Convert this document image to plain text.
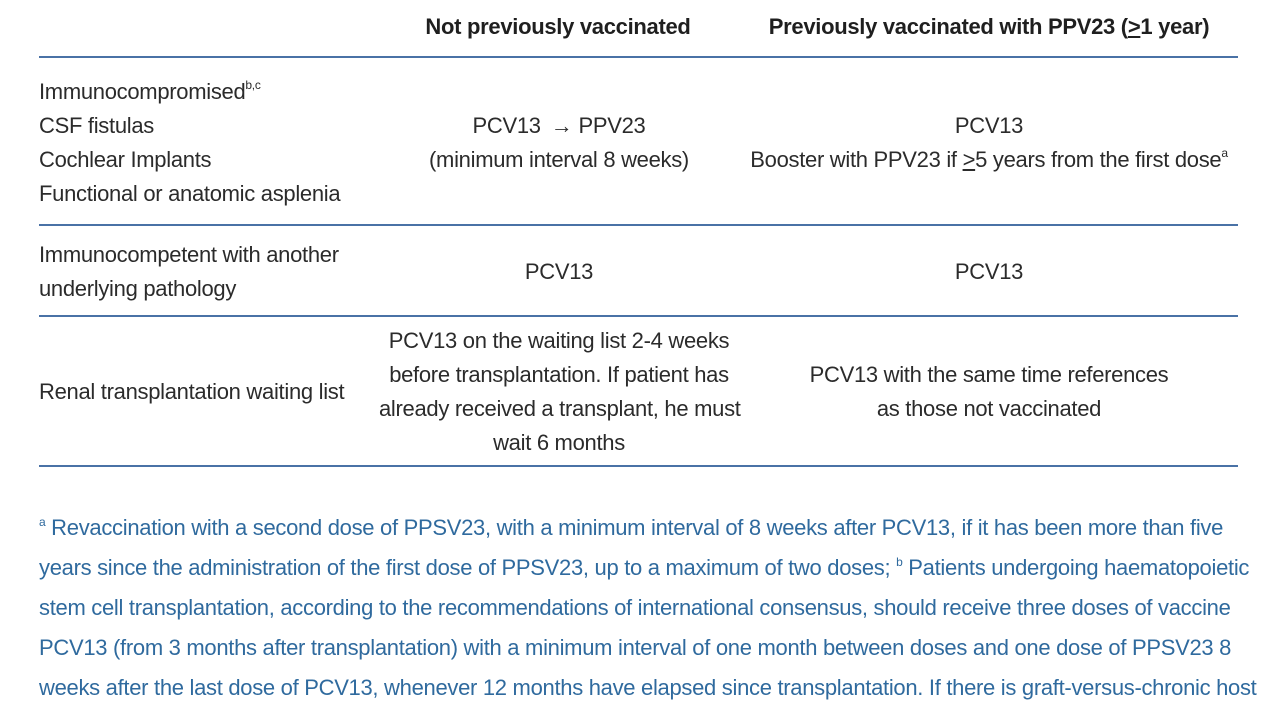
Not previously vaccinated	Previously vaccinated with PPV23 (≥1 year)
Immunocompromised$^{b,c}$
CSF fistulas
Cochlear Implants
Functional or anatomic asplenia
PCV13 → PPV23
(minimum interval 8 weeks)
PCV13
Booster with PPV23 if ≥5 years from the first dose$^a$
Immunocompetent with another
underlying pathology
PCV13	PCV13
Renal transplantation waiting list
PCV13 on the waiting list 2-4 weeks
before transplantation. If patient has
already received a transplant, he must
wait 6 months
PCV13 with the same time references
as those not vaccinated
$^a$ Revaccination with a second dose of PPSV23, with a minimum interval of 8 weeks after PCV13, if it has been more than five
years since the administration of the first dose of PPSV23, up to a maximum of two doses; $^b$ Patients undergoing haematopoietic
stem cell transplantation, according to the recommendations of international consensus, should receive three doses of vaccine
PCV13 (from 3 months after transplantation) with a minimum interval of one month between doses and one dose of PPSV23 8
weeks after the last dose of PCV13, whenever 12 months have elapsed since transplantation. If there is graft-versus-chronic host
